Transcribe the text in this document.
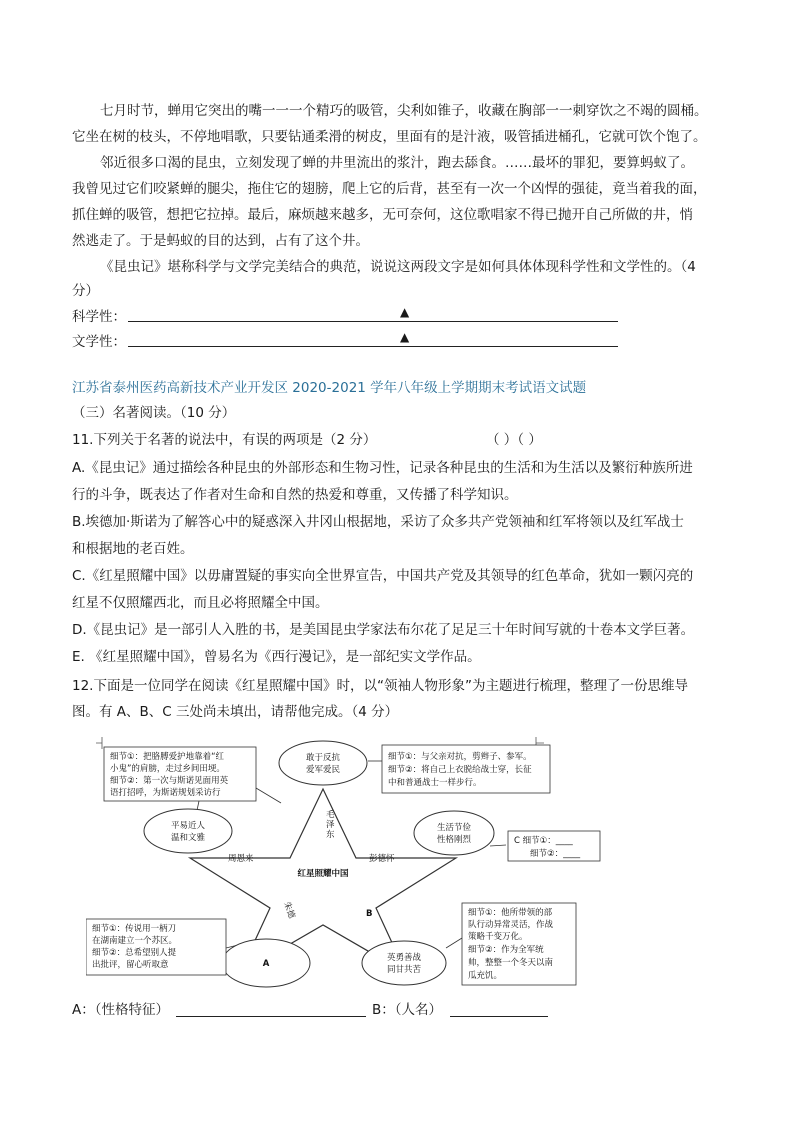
七月时节，蝉用它突出的嘴一一一个精巧的吸管，尖利如锥子，收藏在胸部一一刺穿饮之不竭的圆桶。
它坐在树的枝头，不停地唱歌，只要钻通柔滑的树皮，里面有的是汁液，吸管插进桶孔，它就可饮个饱了。
邻近很多口渴的昆虫，立刻发现了蝉的井里流出的浆汁，跑去舔食。……最坏的罪犯，要算蚂蚁了。
我曾见过它们咬紧蝉的腿尖，拖住它的翅膀，爬上它的后背，甚至有一次一个凶悍的强徒，竟当着我的面，
抓住蝉的吸管，想把它拉掉。最后，麻烦越来越多，无可奈何，这位歌唱家不得已抛开自己所做的井，悄
然逃走了。于是蚂蚁的目的达到，占有了这个井。
《昆虫记》堪称科学与文学完美结合的典范，说说这两段文字是如何具体体现科学性和文学性的。（4
分）
科学性：	▲
文学性：	▲
江苏省泰州医药高新技术产业开发区 2020-2021 学年八年级上学期期末考试语文试题
（三）名著阅读。（10 分）
11.下列关于名著的说法中，有误的两项是（2 分）	（ ）（ ）
A.《昆虫记》通过描绘各种昆虫的外部形态和生物习性，记录各种昆虫的生活和为生活以及繁衍种族所进
行的斗争，既表达了作者对生命和自然的热爱和尊重，又传播了科学知识。
B.埃德加·斯诺为了解答心中的疑惑深入井冈山根据地，采访了众多共产党领袖和红军将领以及红军战士
和根据地的老百姓。
C.《红星照耀中国》以毋庸置疑的事实向全世界宣告，中国共产党及其领导的红色革命，犹如一颗闪亮的
红星不仅照耀西北，而且必将照耀全中国。
D.《昆虫记》是一部引人入胜的书，是美国昆虫学家法布尔花了足足三十年时间写就的十卷本文学巨著。
E. 《红星照耀中国》，曾易名为《西行漫记》，是一部纪实文学作品。
12.下面是一位同学在阅读《红星照耀中国》时，以“领袖人物形象”为主题进行梳理，整理了一份思维导
图。有 A、B、C 三处尚未填出，请帮他完成。（4 分）
敢于反抗
爱军爱民
平易近人
温和文雅
生活节俭
性格刚烈
A
英勇善战
同甘共苦
毛泽东
周恩来	彭德怀
红星照耀中国
朱德	B
细节①：把胳膊爱护地靠着“红
小鬼”的肩膀，走过乡间田埂。
细节②：第一次与斯诺见面用英
语打招呼，为斯诺规划采访行
细节①：与父亲对抗，剪辫子、参军。
细节②：将自己上衣脱给战士穿，长征
中和普通战士一样步行。
C 细节①：____
细节②：____
细节①：传说用一柄刀
在湖南建立一个苏区。
细节②：总希望别人提
出批评，留心听取意
细节①：他所带领的部
队行动异常灵活，作战
策略千变万化。
细节②：作为全军统
帅，整整一个冬天以南
瓜充饥。
A：（性格特征）	B：（人名）
